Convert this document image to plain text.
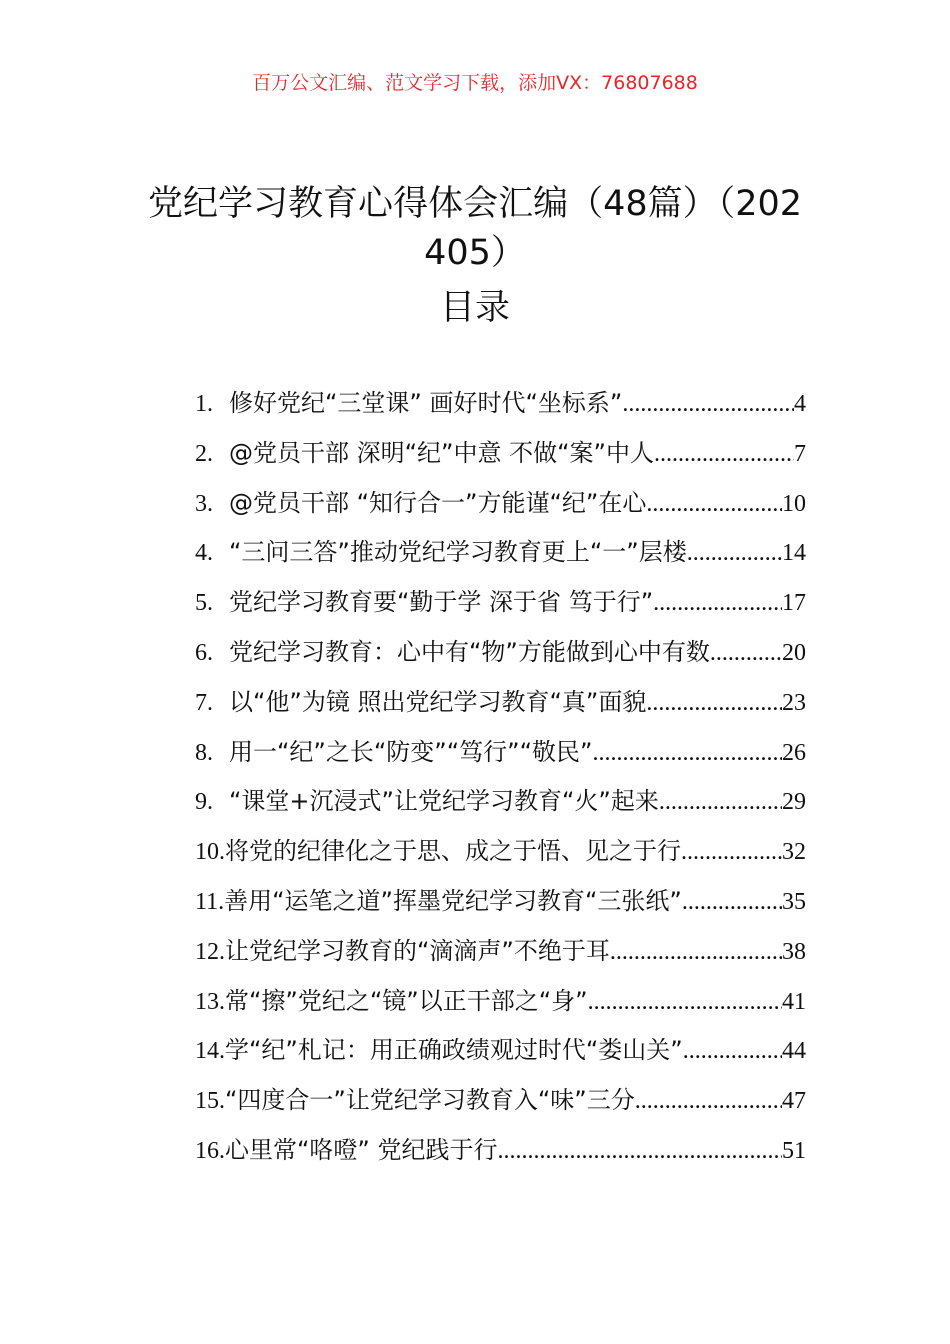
百万公文汇编、范文学习下载，添加VX：76807688
党纪学习教育心得体会汇编（48篇）（202405）
目录
1. 修好党纪“三堂课” 画好时代“坐标系” .....	4
2. @党员干部 深明“纪”中意 不做“案”中人 .....	7
3. @党员干部 “知行合一”方能谨“纪”在心 .....	10
4. “三问三答”推动党纪学习教育更上“一”层楼 .....	14
5. 党纪学习教育要“勤于学 深于省 笃于行” .....	17
6. 党纪学习教育：心中有“物”方能做到心中有数 .....	20
7. 以“他”为镜 照出党纪学习教育“真”面貌 .....	23
8. 用一“纪”之长“防变”“笃行”“敬民” .....	26
9. “课堂+沉浸式”让党纪学习教育“火”起来 .....	29
10. 将党的纪律化之于思、成之于悟、见之于行 .....	32
11. 善用“运笔之道”挥墨党纪学习教育“三张纸” .....	35
12. 让党纪学习教育的“滴滴声”不绝于耳 .....	38
13. 常“擦”党纪之“镜”以正干部之“身” .....	41
14. 学“纪”札记：用正确政绩观过时代“娄山关” .....	44
15. “四度合一”让党纪学习教育入“味”三分 .....	47
16. 心里常“咯噔” 党纪践于行 .....	51
